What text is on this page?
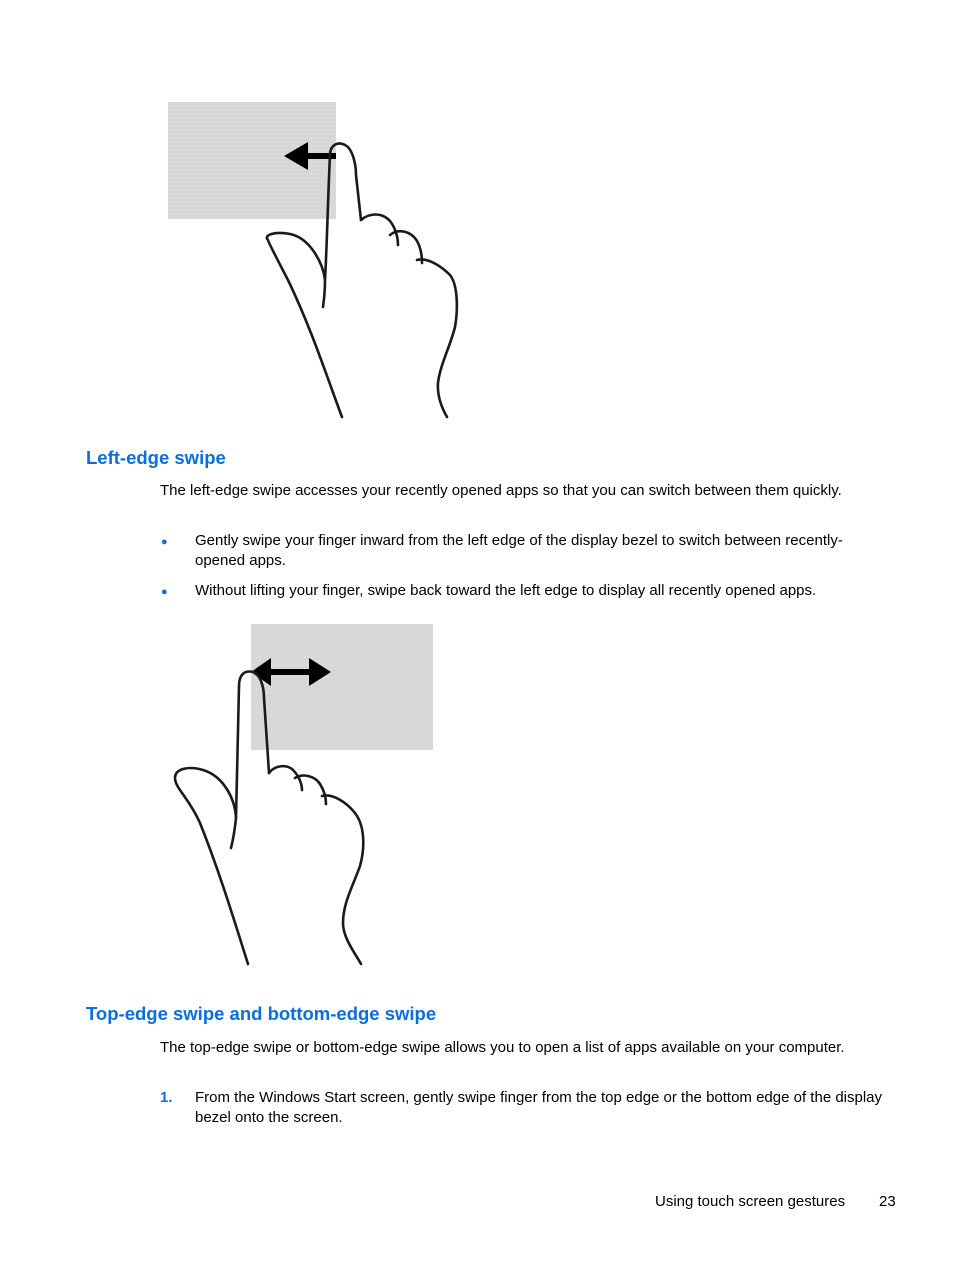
Left-edge swipe

The left-edge swipe accesses your recently opened apps so that you can switch between them quickly.

● Gently swipe your finger inward from the left edge of the display bezel to switch between recently-opened apps.
● Without lifting your finger, swipe back toward the left edge to display all recently opened apps.
Top-edge swipe and bottom-edge swipe

The top-edge swipe or bottom-edge swipe allows you to open a list of apps available on your computer.

1. From the Windows Start screen, gently swipe finger from the top edge or the bottom edge of the display bezel onto the screen.
Using touch screen gestures 23
